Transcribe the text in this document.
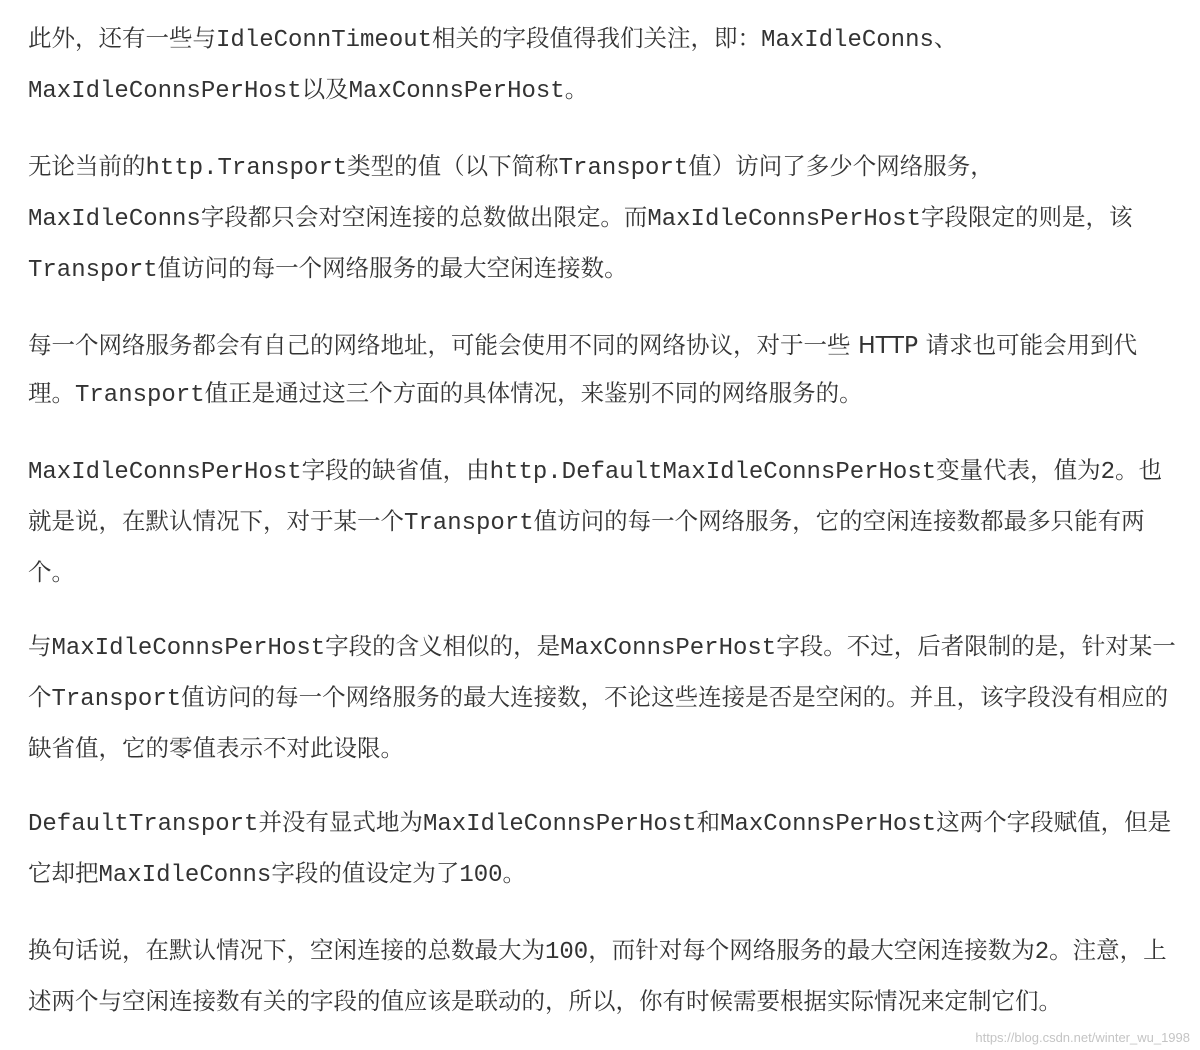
此外，还有一些与IdleConnTimeout相关的字段值得我们关注，即：MaxIdleConns、
MaxIdleConnsPerHost以及MaxConnsPerHost。

无论当前的http.Transport类型的值（以下简称Transport值）访问了多少个网络服务，
MaxIdleConns字段都只会对空闲连接的总数做出限定。而MaxIdleConnsPerHost字段限定的则是，该Transport值访问的每一个网络服务的最大空闲连接数。

每一个网络服务都会有自己的网络地址，可能会使用不同的网络协议，对于一些 HTTP 请求也可能会用到代理。Transport值正是通过这三个方面的具体情况，来鉴别不同的网络服务的。

MaxIdleConnsPerHost字段的缺省值，由http.DefaultMaxIdleConnsPerHost变量代表，值为2。也就是说，在默认情况下，对于某一个Transport值访问的每一个网络服务，它的空闲连接数都最多只能有两个。

与MaxIdleConnsPerHost字段的含义相似的，是MaxConnsPerHost字段。不过，后者限制的是，针对某一个Transport值访问的每一个网络服务的最大连接数，不论这些连接是否是空闲的。并且，该字段没有相应的缺省值，它的零值表示不对此设限。

DefaultTransport并没有显式地为MaxIdleConnsPerHost和MaxConnsPerHost这两个字段赋值，但是它却把MaxIdleConns字段的值设定为了100。

换句话说，在默认情况下，空闲连接的总数最大为100，而针对每个网络服务的最大空闲连接数为2。注意，上述两个与空闲连接数有关的字段的值应该是联动的，所以，你有时候需要根据实际情况来定制它们。

https://blog.csdn.net/winter_wu_1998
